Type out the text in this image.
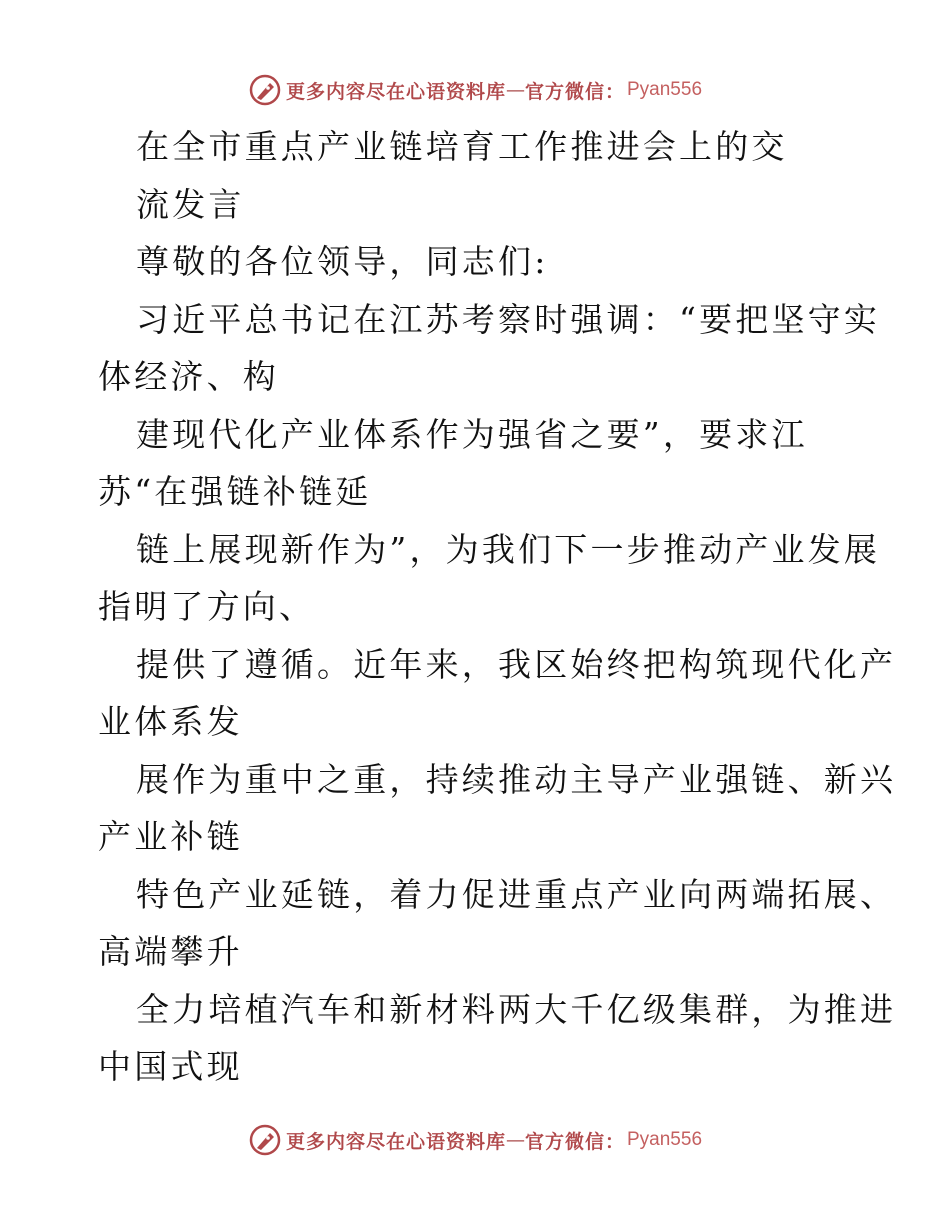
更多内容尽在心语资料库 — 官方微信： Pyan556
在全市重点产业链培育工作推进会上的交
流发言
尊敬的各位领导，同志们:
习近平总书记在江苏考察时强调：“要把坚守实
体经济、构
建现代化产业体系作为强省之要”，要求江
苏“在强链补链延
链上展现新作为”，为我们下一步推动产业发展
指明了方向、
提供了遵循。近年来，我区始终把构筑现代化产
业体系发
展作为重中之重，持续推动主导产业强链、新兴
产业补链
特色产业延链，着力促进重点产业向两端拓展、
高端攀升
全力培植汽车和新材料两大千亿级集群，为推进
中国式现
更多内容尽在心语资料库 — 官方微信： Pyan556
